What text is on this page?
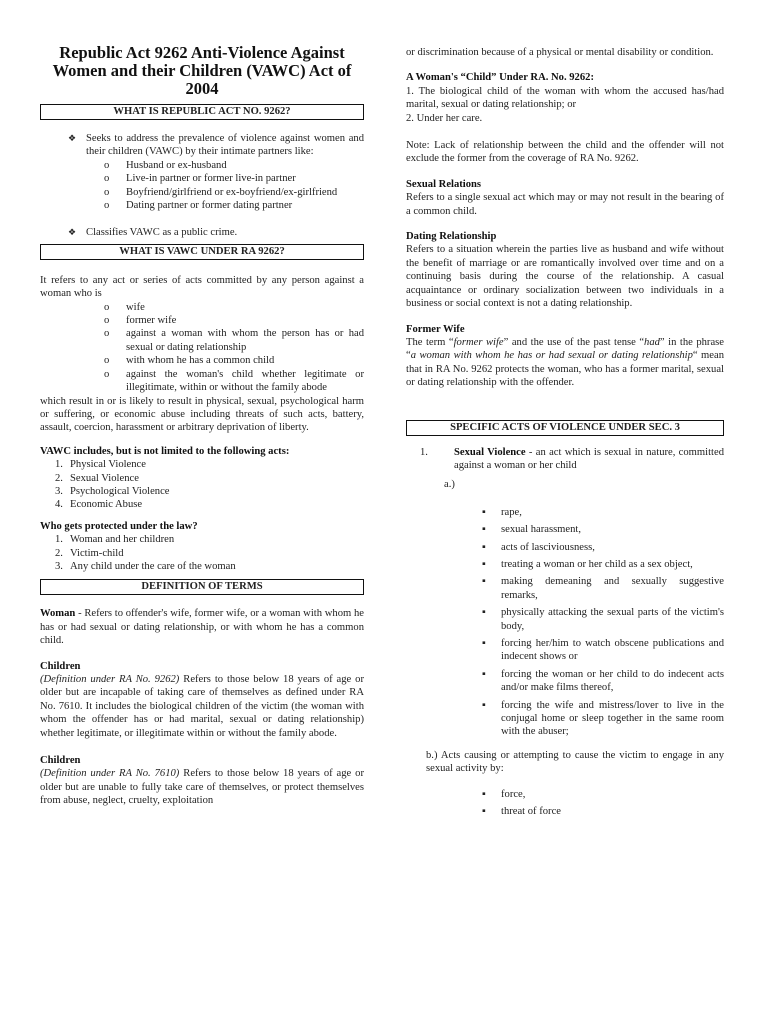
Republic Act 9262 Anti-Violence Against Women and their Children (VAWC) Act of 2004
WHAT IS REPUBLIC ACT NO. 9262?
❖ Seeks to address the prevalence of violence against women and their children (VAWC) by their intimate partners like:
o Husband or ex-husband
o Live-in partner or former live-in partner
o Boyfriend/girlfriend or ex-boyfriend/ex-girlfriend
o Dating partner or former dating partner
❖ Classifies VAWC as a public crime.
WHAT IS VAWC UNDER RA 9262?
It refers to any act or series of acts committed by any person against a woman who is
o wife
o former wife
o against a woman with whom the person has or had sexual or dating relationship
o with whom he has a common child
o against the woman's child whether legitimate or illegitimate, within or without the family abode
which result in or is likely to result in physical, sexual, psychological harm or suffering, or economic abuse including threats of such acts, battery, assault, coercion, harassment or arbitrary deprivation of liberty.
VAWC includes, but is not limited to the following acts:
1. Physical Violence
2. Sexual Violence
3. Psychological Violence
4. Economic Abuse
Who gets protected under the law?
1. Woman and her children
2. Victim-child
3. Any child under the care of the woman
DEFINITION OF TERMS
Woman - Refers to offender's wife, former wife, or a woman with whom he has or had sexual or dating relationship, or with whom he has a common child.
Children
(Definition under RA No. 9262) Refers to those below 18 years of age or older but are incapable of taking care of themselves as defined under RA No. 7610. It includes the biological children of the victim (the woman with whom the offender has or had marital, sexual or dating relationship) whether legitimate, or illegitimate within or without the family abode.
Children
(Definition under RA No. 7610) Refers to those below 18 years of age or older but are unable to fully take care of themselves, or protect themselves from abuse, neglect, cruelty, exploitation
or discrimination because of a physical or mental disability or condition.
A Woman's “Child” Under RA. No. 9262:
1. The biological child of the woman with whom the accused has/had marital, sexual or dating relationship; or
2. Under her care.
Note: Lack of relationship between the child and the offender will not exclude the former from the coverage of RA No. 9262.
Sexual Relations
Refers to a single sexual act which may or may not result in the bearing of a common child.
Dating Relationship
Refers to a situation wherein the parties live as husband and wife without the benefit of marriage or are romantically involved over time and on a continuing basis during the course of the relationship. A casual acquaintance or ordinary socialization between two individuals in a business or social context is not a dating relationship.
Former Wife
The term “former wife” and the use of the past tense “had” in the phrase “a woman with whom he has or had sexual or dating relationship“ mean that in RA No. 9262 protects the woman, who has a former marital, sexual or dating relationship with the offender.
SPECIFIC ACTS OF VIOLENCE UNDER SEC. 3
1. Sexual Violence - an act which is sexual in nature, committed against a woman or her child
a.)
▪ rape,
▪ sexual harassment,
▪ acts of lasciviousness,
▪ treating a woman or her child as a sex object,
▪ making demeaning and sexually suggestive remarks,
▪ physically attacking the sexual parts of the victim's body,
▪ forcing her/him to watch obscene publications and indecent shows or
▪ forcing the woman or her child to do indecent acts and/or make films thereof,
▪ forcing the wife and mistress/lover to live in the conjugal home or sleep together in the same room with the abuser;
b.) Acts causing or attempting to cause the victim to engage in any sexual activity by:
▪ force,
▪ threat of force
